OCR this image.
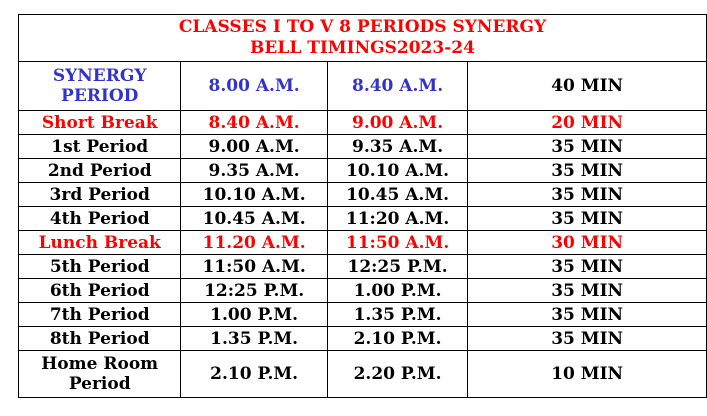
CLASSES I TO V 8 PERIODS SYNERGY
BELL TIMINGS2023-24			
SYNERGY
PERIOD	8.00 A.M.	8.40 A.M.	40 MIN
Short Break	8.40 A.M.	9.00 A.M.	20 MIN
1st Period	9.00 A.M.	9.35 A.M.	35 MIN
2nd Period	9.35 A.M.	10.10 A.M.	35 MIN
3rd Period	10.10 A.M.	10.45 A.M.	35 MIN
4th Period	10.45 A.M.	11:20 A.M.	35 MIN
Lunch Break	11.20 A.M.	11:50 A.M.	30 MIN
5th Period	11:50 A.M.	12:25 P.M.	35 MIN
6th Period	12:25 P.M.	1.00 P.M.	35 MIN
7th Period	1.00 P.M.	1.35 P.M.	35 MIN
8th Period	1.35 P.M.	2.10 P.M.	35 MIN
Home Room
Period	2.10 P.M.	2.20 P.M.	10 MIN
